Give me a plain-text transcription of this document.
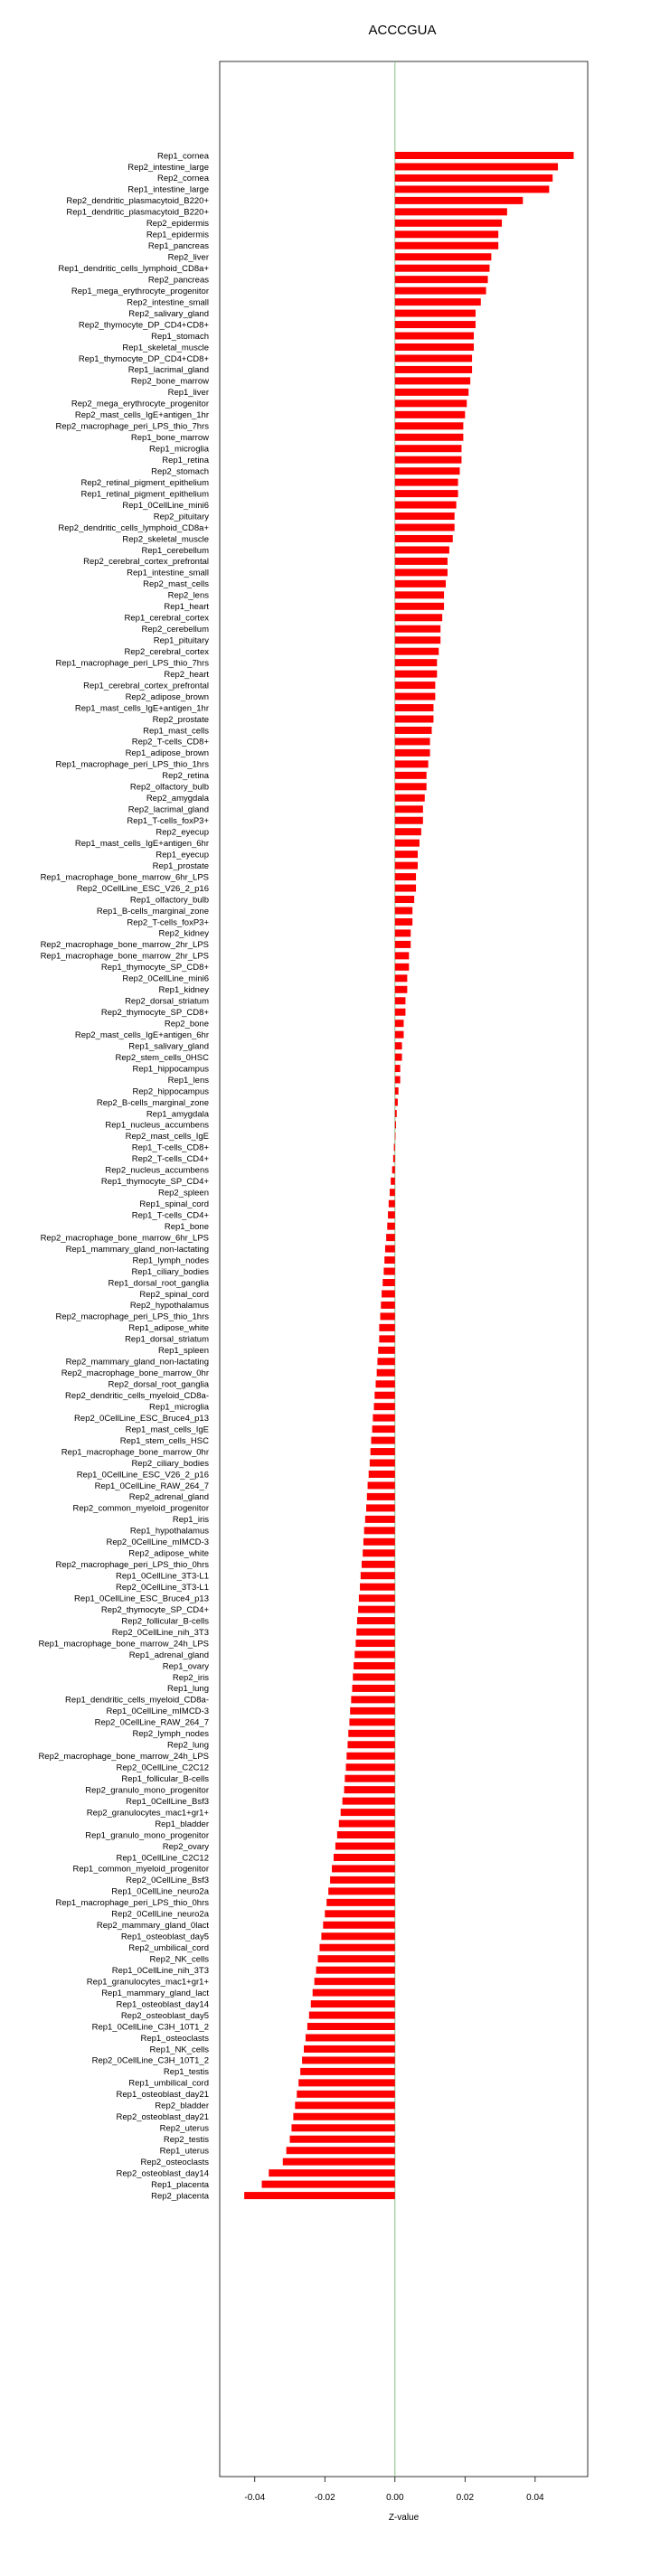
ACCCGUA
Rep1_cornea
Rep2_intestine_large
Rep2_cornea
Rep1_intestine_large
Rep2_dendritic_plasmacytoid_B220+
Rep1_dendritic_plasmacytoid_B220+
Rep2_epidermis
Rep1_epidermis
Rep1_pancreas
Rep2_liver
Rep1_dendritic_cells_lymphoid_CD8a+
Rep2_pancreas
Rep1_mega_erythrocyte_progenitor
Rep2_intestine_small
Rep2_salivary_gland
Rep2_thymocyte_DP_CD4+CD8+
Rep1_stomach
Rep1_skeletal_muscle
Rep1_thymocyte_DP_CD4+CD8+
Rep1_lacrimal_gland
Rep2_bone_marrow
Rep1_liver
Rep2_mega_erythrocyte_progenitor
Rep2_mast_cells_IgE+antigen_1hr
Rep2_macrophage_peri_LPS_thio_7hrs
Rep1_bone_marrow
Rep1_microglia
Rep1_retina
Rep2_stomach
Rep2_retinal_pigment_epithelium
Rep1_retinal_pigment_epithelium
Rep1_0CellLine_mini6
Rep2_pituitary
Rep2_dendritic_cells_lymphoid_CD8a+
Rep2_skeletal_muscle
Rep1_cerebellum
Rep2_cerebral_cortex_prefrontal
Rep1_intestine_small
Rep2_mast_cells
Rep2_lens
Rep1_heart
Rep1_cerebral_cortex
Rep2_cerebellum
Rep1_pituitary
Rep2_cerebral_cortex
Rep1_macrophage_peri_LPS_thio_7hrs
Rep2_heart
Rep1_cerebral_cortex_prefrontal
Rep2_adipose_brown
Rep1_mast_cells_IgE+antigen_1hr
Rep2_prostate
Rep1_mast_cells
Rep2_T-cells_CD8+
Rep1_adipose_brown
Rep1_macrophage_peri_LPS_thio_1hrs
Rep2_retina
Rep2_olfactory_bulb
Rep2_amygdala
Rep2_lacrimal_gland
Rep1_T-cells_foxP3+
Rep2_eyecup
Rep1_mast_cells_IgE+antigen_6hr
Rep1_eyecup
Rep1_prostate
Rep1_macrophage_bone_marrow_6hr_LPS
Rep2_0CellLine_ESC_V26_2_p16
Rep1_olfactory_bulb
Rep1_B-cells_marginal_zone
Rep2_T-cells_foxP3+
Rep2_kidney
Rep2_macrophage_bone_marrow_2hr_LPS
Rep1_macrophage_bone_marrow_2hr_LPS
Rep1_thymocyte_SP_CD8+
Rep2_0CellLine_mini6
Rep1_kidney
Rep2_dorsal_striatum
Rep2_thymocyte_SP_CD8+
Rep2_bone
Rep2_mast_cells_IgE+antigen_6hr
Rep1_salivary_gland
Rep2_stem_cells_0HSC
Rep1_hippocampus
Rep1_lens
Rep2_hippocampus
Rep2_B-cells_marginal_zone
Rep1_amygdala
Rep1_nucleus_accumbens
Rep2_mast_cells_IgE
Rep1_T-cells_CD8+
Rep2_T-cells_CD4+
Rep2_nucleus_accumbens
Rep1_thymocyte_SP_CD4+
Rep2_spleen
Rep1_spinal_cord
Rep1_T-cells_CD4+
Rep1_bone
Rep2_macrophage_bone_marrow_6hr_LPS
Rep1_mammary_gland_non-lactating
Rep1_lymph_nodes
Rep1_ciliary_bodies
Rep1_dorsal_root_ganglia
Rep2_spinal_cord
Rep2_hypothalamus
Rep2_macrophage_peri_LPS_thio_1hrs
Rep1_adipose_white
Rep1_dorsal_striatum
Rep1_spleen
Rep2_mammary_gland_non-lactating
Rep2_macrophage_bone_marrow_0hr
Rep2_dorsal_root_ganglia
Rep2_dendritic_cells_myeloid_CD8a-
Rep1_microglia
Rep2_0CellLine_ESC_Bruce4_p13
Rep1_mast_cells_IgE
Rep1_stem_cells_HSC
Rep1_macrophage_bone_marrow_0hr
Rep2_ciliary_bodies
Rep1_0CellLine_ESC_V26_2_p16
Rep1_0CellLine_RAW_264_7
Rep2_adrenal_gland
Rep2_common_myeloid_progenitor
Rep1_iris
Rep1_hypothalamus
Rep2_0CellLine_mIMCD-3
Rep2_adipose_white
Rep2_macrophage_peri_LPS_thio_0hrs
Rep1_0CellLine_3T3-L1
Rep2_0CellLine_3T3-L1
Rep1_0CellLine_ESC_Bruce4_p13
Rep2_thymocyte_SP_CD4+
Rep2_follicular_B-cells
Rep2_0CellLine_nih_3T3
Rep1_macrophage_bone_marrow_24h_LPS
Rep1_adrenal_gland
Rep1_ovary
Rep2_iris
Rep1_lung
Rep1_dendritic_cells_myeloid_CD8a-
Rep1_0CellLine_mIMCD-3
Rep2_0CellLine_RAW_264_7
Rep2_lymph_nodes
Rep2_lung
Rep2_macrophage_bone_marrow_24h_LPS
Rep2_0CellLine_C2C12
Rep1_follicular_B-cells
Rep2_granulo_mono_progenitor
Rep1_0CellLine_Bsf3
Rep2_granulocytes_mac1+gr1+
Rep1_bladder
Rep1_granulo_mono_progenitor
Rep2_ovary
Rep1_0CellLine_C2C12
Rep1_common_myeloid_progenitor
Rep2_0CellLine_Bsf3
Rep1_0CellLine_neuro2a
Rep1_macrophage_peri_LPS_thio_0hrs
Rep2_0CellLine_neuro2a
Rep2_mammary_gland_0lact
Rep1_osteoblast_day5
Rep2_umbilical_cord
Rep2_NK_cells
Rep1_0CellLine_nih_3T3
Rep1_granulocytes_mac1+gr1+
Rep1_mammary_gland_lact
Rep1_osteoblast_day14
Rep2_osteoblast_day5
Rep1_0CellLine_C3H_10T1_2
Rep1_osteoclasts
Rep1_NK_cells
Rep2_0CellLine_C3H_10T1_2
Rep1_testis
Rep1_umbilical_cord
Rep1_osteoblast_day21
Rep2_bladder
Rep2_osteoblast_day21
Rep2_uterus
Rep2_testis
Rep1_uterus
Rep2_osteoclasts
Rep2_osteoblast_day14
Rep1_placenta
Rep2_placenta
-0.04	-0.02	0.00	0.02	0.04
Z-value
